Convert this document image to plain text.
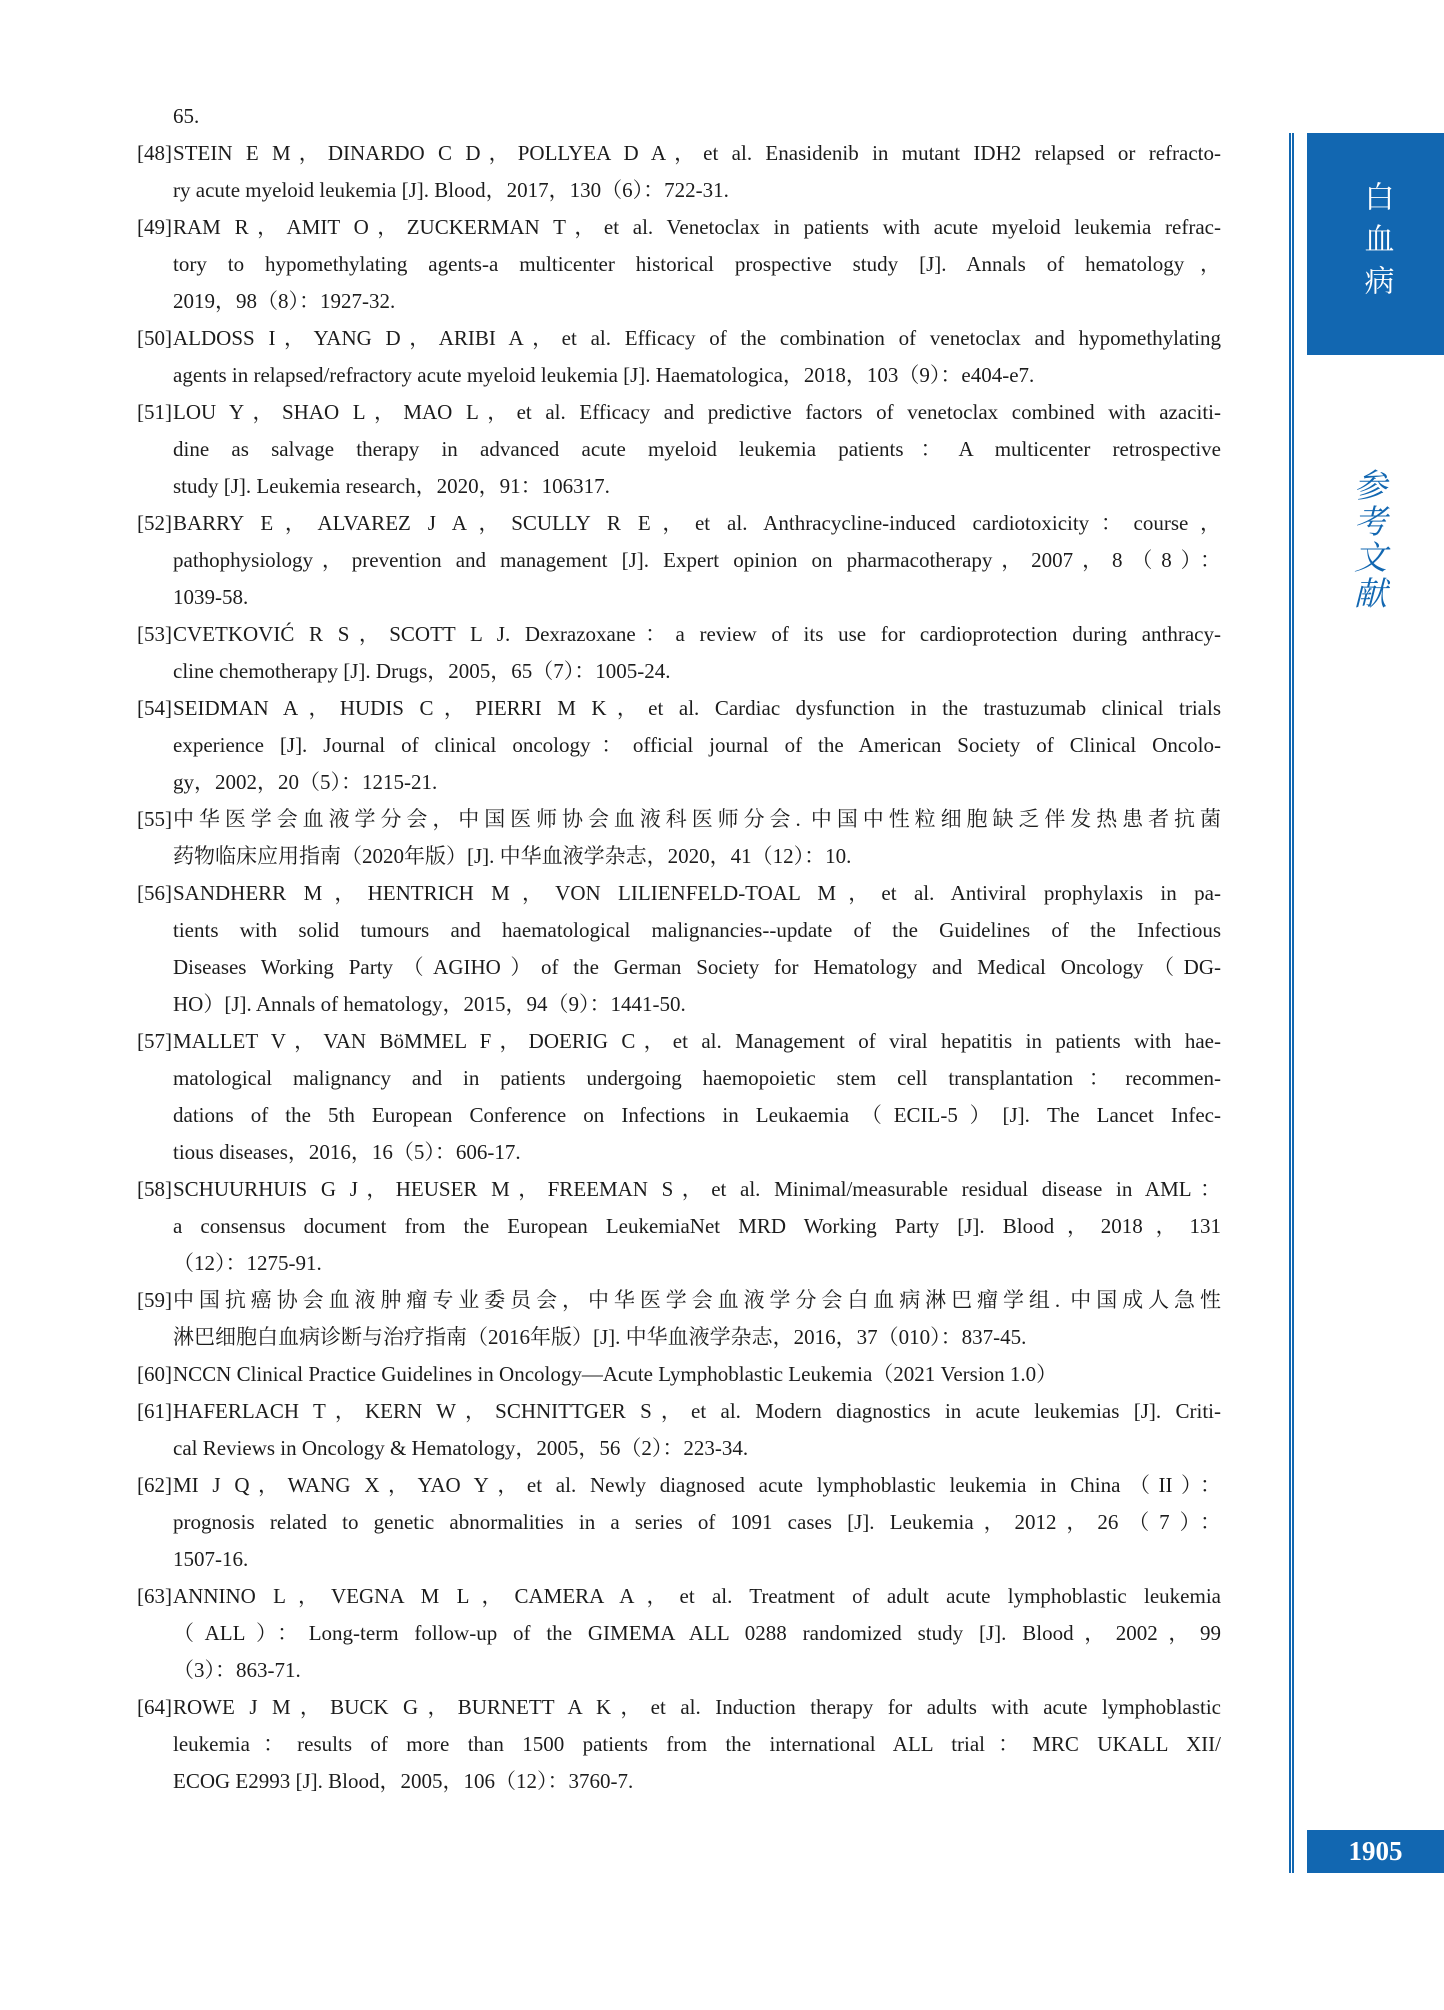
65.
[48] STEIN E M，DINARDO C D，POLLYEA D A，et al. Enasidenib in mutant IDH2 relapsed or refracto-
ry acute myeloid leukemia [J]. Blood，2017，130（6）：722-31.
[49] RAM R，AMIT O，ZUCKERMAN T，et al. Venetoclax in patients with acute myeloid leukemia refrac-
tory to hypomethylating agents-a multicenter historical prospective study [J]. Annals of hematology，
2019，98（8）：1927-32.
[50] ALDOSS I，YANG D，ARIBI A，et al. Efficacy of the combination of venetoclax and hypomethylating
agents in relapsed/refractory acute myeloid leukemia [J]. Haematologica，2018，103（9）：e404-e7.
[51] LOU Y，SHAO L，MAO L，et al. Efficacy and predictive factors of venetoclax combined with azaciti-
dine as salvage therapy in advanced acute myeloid leukemia patients：A multicenter retrospective
study [J]. Leukemia research，2020，91：106317.
[52] BARRY E，ALVAREZ J A，SCULLY R E，et al. Anthracycline-induced cardiotoxicity：course，
pathophysiology，prevention and management [J]. Expert opinion on pharmacotherapy，2007，8（8）：
1039-58.
[53] CVETKOVIĆ R S，SCOTT L J. Dexrazoxane：a review of its use for cardioprotection during anthracy-
cline chemotherapy [J]. Drugs，2005，65（7）：1005-24.
[54] SEIDMAN A，HUDIS C，PIERRI M K，et al. Cardiac dysfunction in the trastuzumab clinical trials
experience [J]. Journal of clinical oncology：official journal of the American Society of Clinical Oncolo-
gy，2002，20（5）：1215-21.
[55] 中华医学会血液学分会，中国医师协会血液科医师分会. 中国中性粒细胞缺乏伴发热患者抗菌
药物临床应用指南（2020年版）[J]. 中华血液学杂志，2020，41（12）：10.
[56] SANDHERR M，HENTRICH M，VON LILIENFELD-TOAL M，et al. Antiviral prophylaxis in pa-
tients with solid tumours and haematological malignancies--update of the Guidelines of the Infectious
Diseases Working Party（AGIHO）of the German Society for Hematology and Medical Oncology（DG-
HO）[J]. Annals of hematology，2015，94（9）：1441-50.
[57] MALLET V，VAN BöMMEL F，DOERIG C，et al. Management of viral hepatitis in patients with hae-
matological malignancy and in patients undergoing haemopoietic stem cell transplantation：recommen-
dations of the 5th European Conference on Infections in Leukaemia（ECIL-5）[J]. The Lancet Infec-
tious diseases，2016，16（5）：606-17.
[58] SCHUURHUIS G J，HEUSER M，FREEMAN S，et al. Minimal/measurable residual disease in AML：
a consensus document from the European LeukemiaNet MRD Working Party [J]. Blood，2018，131
（12）：1275-91.
[59] 中国抗癌协会血液肿瘤专业委员会，中华医学会血液学分会白血病淋巴瘤学组. 中国成人急性
淋巴细胞白血病诊断与治疗指南（2016年版）[J]. 中华血液学杂志，2016，37（010）：837-45.
[60] NCCN Clinical Practice Guidelines in Oncology—Acute Lymphoblastic Leukemia（2021 Version 1.0）
[61] HAFERLACH T，KERN W，SCHNITTGER S，et al. Modern diagnostics in acute leukemias [J]. Criti-
cal Reviews in Oncology & Hematology，2005，56（2）：223-34.
[62] MI J Q，WANG X，YAO Y，et al. Newly diagnosed acute lymphoblastic leukemia in China（II）：
prognosis related to genetic abnormalities in a series of 1091 cases [J]. Leukemia，2012，26（7）：
1507-16.
[63] ANNINO L，VEGNA M L，CAMERA A，et al. Treatment of adult acute lymphoblastic leukemia
（ALL）：Long-term follow-up of the GIMEMA ALL 0288 randomized study [J]. Blood，2002，99
（3）：863-71.
[64] ROWE J M，BUCK G，BURNETT A K，et al. Induction therapy for adults with acute lymphoblastic
leukemia：results of more than 1500 patients from the international ALL trial：MRC UKALL XII/
ECOG E2993 [J]. Blood，2005，106（12）：3760-7.
白血病
参考文献
1905
